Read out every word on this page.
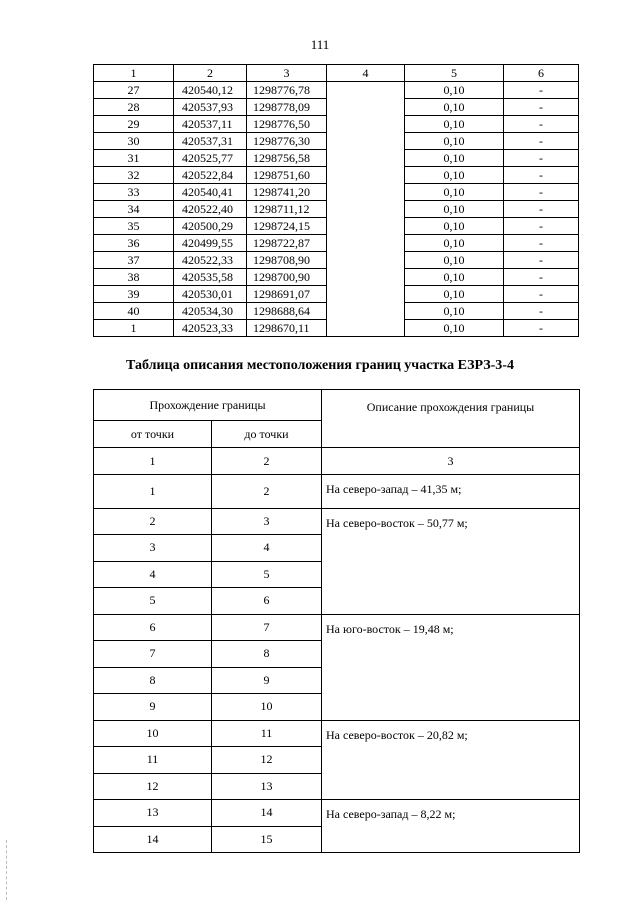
111
1	2	3	4	5	6
27	420540,12	1298776,78		0,10	-
28	420537,93	1298778,09		0,10	-
29	420537,11	1298776,50		0,10	-
30	420537,31	1298776,30		0,10	-
31	420525,77	1298756,58		0,10	-
32	420522,84	1298751,60		0,10	-
33	420540,41	1298741,20		0,10	-
34	420522,40	1298711,12		0,10	-
35	420500,29	1298724,15		0,10	-
36	420499,55	1298722,87		0,10	-
37	420522,33	1298708,90		0,10	-
38	420535,58	1298700,90		0,10	-
39	420530,01	1298691,07		0,10	-
40	420534,30	1298688,64		0,10	-
1	420523,33	1298670,11		0,10	-
Таблица описания местоположения границ участка ЕЗРЗ-3-4
Прохождение границы		Описание прохождения границы
от точки	до точки	
1	2	3
1	2	На северо-запад – 41,35 м;
2	3	На северо-восток – 50,77 м;
3	4	
4	5	
5	6	
6	7	На юго-восток – 19,48 м;
7	8	
8	9	
9	10	
10	11	На северо-восток – 20,82 м;
11	12	
12	13	
13	14	На северо-запад – 8,22 м;
14	15	
